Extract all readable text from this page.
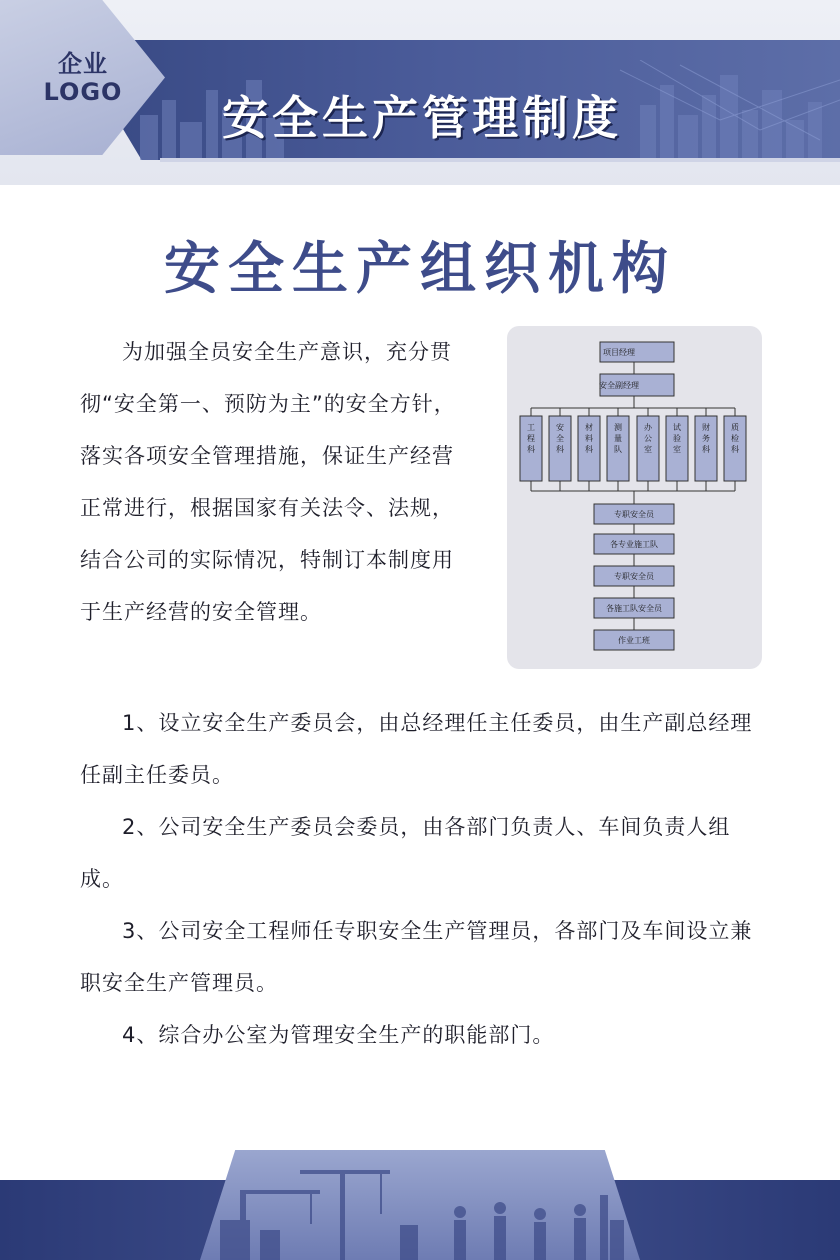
企业
LOGO 安全生产管理制度
安全生产组织机构

为加强全员安全生产意识，充分贯彻“安全第一、预防为主”的安全方针，落实各项安全管理措施，保证生产经营正常进行，根据国家有关法令、法规，结合公司的实际情况，特制订本制度用于生产经营的安全管理。

项目经理
安全副经理
专职安全员
各专业施工队
专职安全员
各施工队安全员
作业工班
工程科
安全科
材料科
测量队
办公室
试验室
财务科
质检科
1、设立安全生产委员会，由总经理任主任委员，由生产副总经理任副主任委员。
2、公司安全生产委员会委员，由各部门负责人、车间负责人组成。
3、公司安全工程师任专职安全生产管理员，各部门及车间设立兼职安全生产管理员。
4、综合办公室为管理安全生产的职能部门。
